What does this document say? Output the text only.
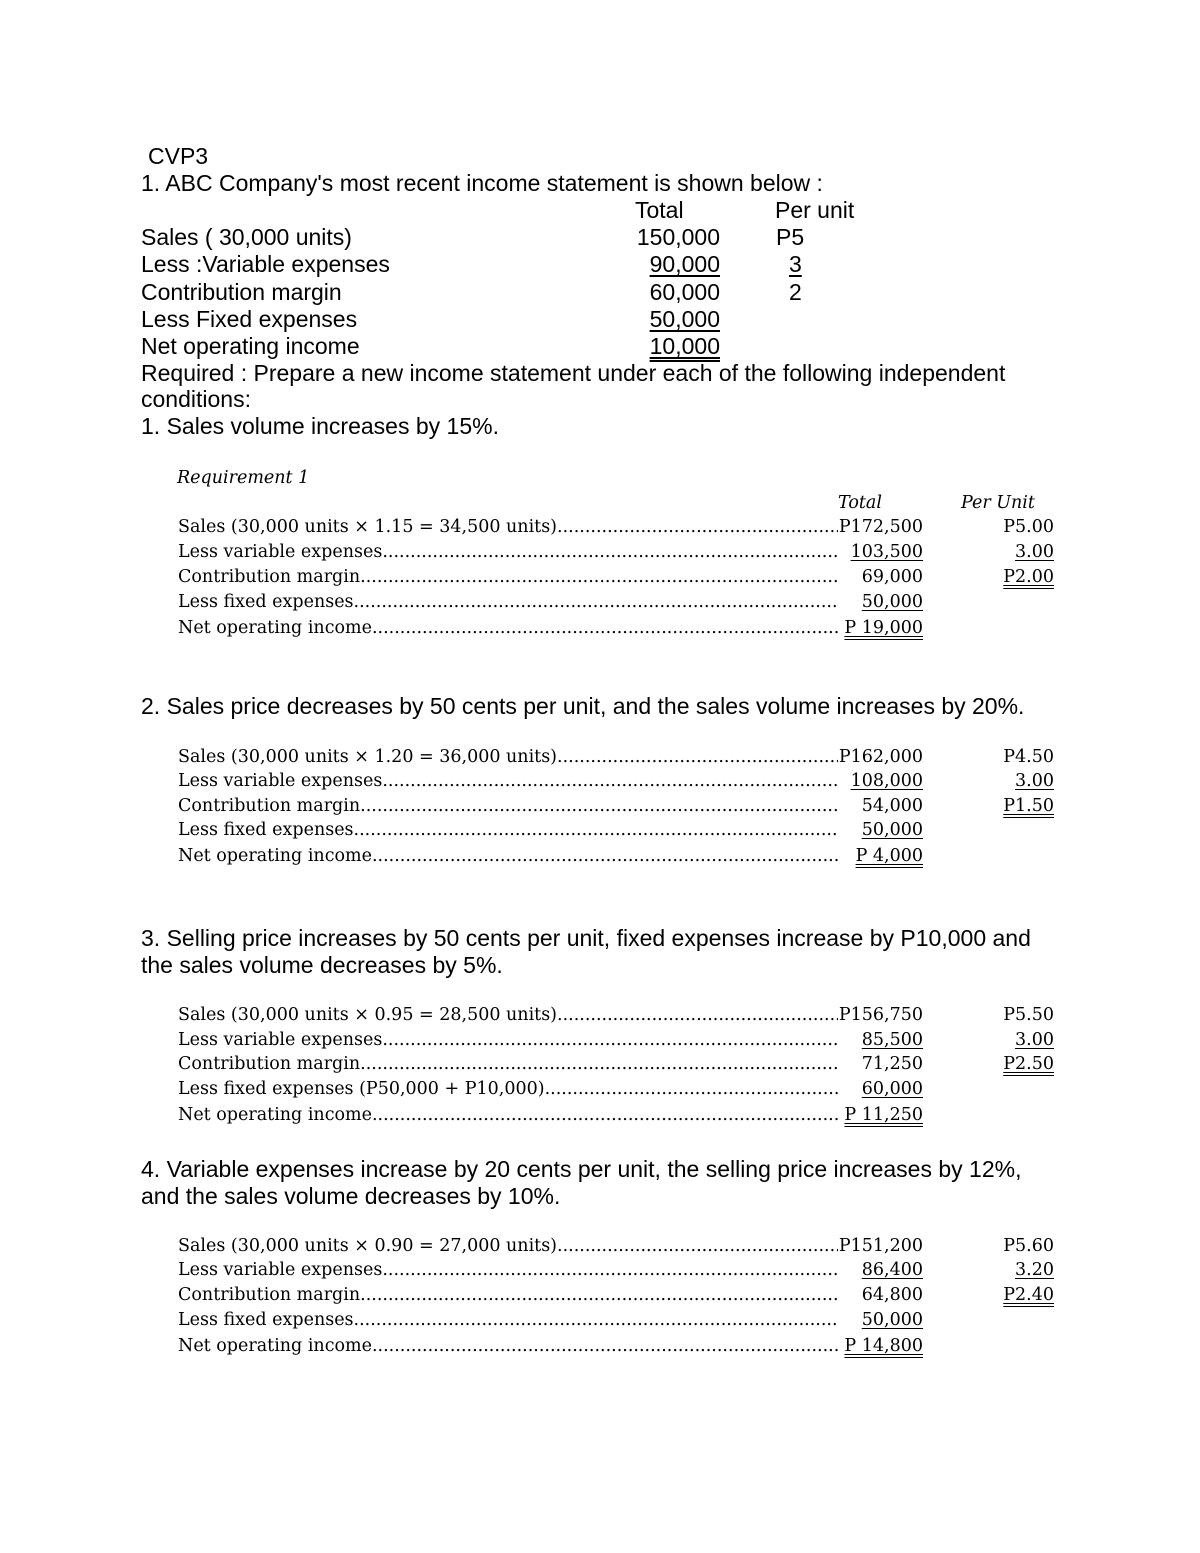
CVP3
1. ABC Company's most recent income statement is shown below :
Total	Per unit
Sales ( 30,000 units)	150,000 P5
Less :Variable expenses	90,000	3
Contribution margin	60,000	2
Less Fixed expenses	50,000
Net operating income	10,000
Required : Prepare a new income statement under each of the following independent
conditions:
1. Sales volume increases by 15%.
Requirement 1
Total	Per Unit
Sales (30,000 units × 1.15 = 34,500 units) .....	P172,500	P5.00
Less variable expenses .....	103,500	3.00
Contribution margin .....	69,000	P2.00
Less fixed expenses .....	50,000
Net operating income .....	P 19,000
2. Sales price decreases by 50 cents per unit, and the sales volume increases by 20%.
Sales (30,000 units × 1.20 = 36,000 units) .....	P162,000	P4.50
Less variable expenses .....	108,000	3.00
Contribution margin .....	54,000	P1.50
Less fixed expenses .....	50,000
Net operating income .....	P 4,000
3. Selling price increases by 50 cents per unit, fixed expenses increase by P10,000 and
the sales volume decreases by 5%.
Sales (30,000 units × 0.95 = 28,500 units) .....	P156,750	P5.50
Less variable expenses .....	85,500	3.00
Contribution margin .....	71,250	P2.50
Less fixed expenses (P50,000 + P10,000) .....	60,000
Net operating income .....	P 11,250
4. Variable expenses increase by 20 cents per unit, the selling price increases by 12%,
and the sales volume decreases by 10%.
Sales (30,000 units × 0.90 = 27,000 units) .....	P151,200	P5.60
Less variable expenses .....	86,400	3.20
Contribution margin .....	64,800	P2.40
Less fixed expenses .....	50,000
Net operating income .....	P 14,800
